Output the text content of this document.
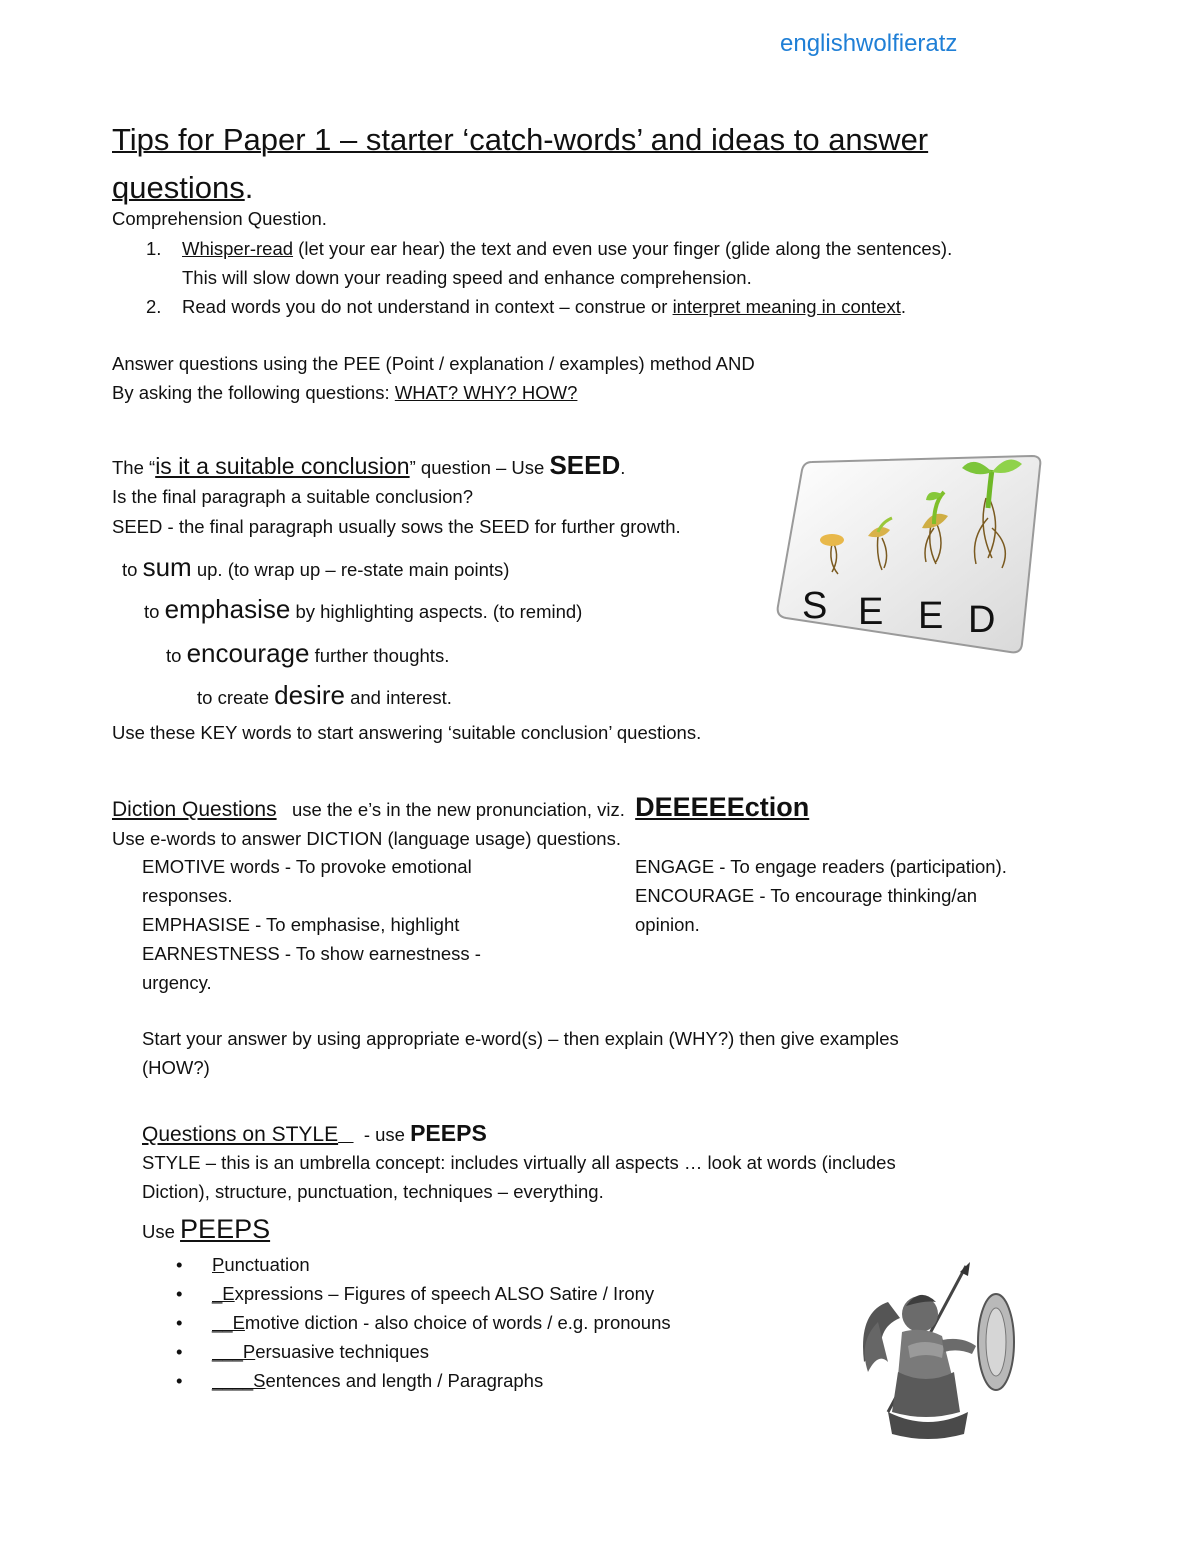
englishwolfieratz
Tips for Paper 1 – starter ‘catch-words’ and ideas to answer questions.
Comprehension Question.
1. Whisper-read (let your ear hear) the text and even use your finger (glide along the sentences).
This will slow down your reading speed and enhance comprehension.
2. Read words you do not understand in context – construe or interpret meaning in context.
Answer questions using the PEE (Point / explanation / examples) method AND
By asking the following questions: WHAT? WHY? HOW?
The “is it a suitable conclusion” question – Use SEED.
Is the final paragraph a suitable conclusion?
SEED - the final paragraph usually sows the SEED for further growth.
to sum up. (to wrap up – re-state main points)
to emphasise by highlighting aspects. (to remind)
to encourage further thoughts.
to create desire and interest.
Use these KEY words to start answering ‘suitable conclusion’ questions.
S E E D
Diction Questions use the e’s in the new pronunciation, viz. DEEEEEction
Use e-words to answer DICTION (language usage) questions.
EMOTIVE words - To provoke emotional
responses.
EMPHASISE - To emphasise, highlight
EARNESTNESS - To show earnestness -
urgency.
ENGAGE - To engage readers (participation).
ENCOURAGE - To encourage thinking/an
opinion.
Start your answer by using appropriate e-word(s) – then explain (WHY?) then give examples
(HOW?)
Questions on STYLE - use PEEPS
STYLE – this is an umbrella concept: includes virtually all aspects … look at words (includes
Diction), structure, punctuation, techniques – everything.
Use PEEPS
• Punctuation
• _Expressions – Figures of speech ALSO Satire / Irony
• __Emotive diction - also choice of words / e.g. pronouns
• ___Persuasive techniques
• ____Sentences and length / Paragraphs
